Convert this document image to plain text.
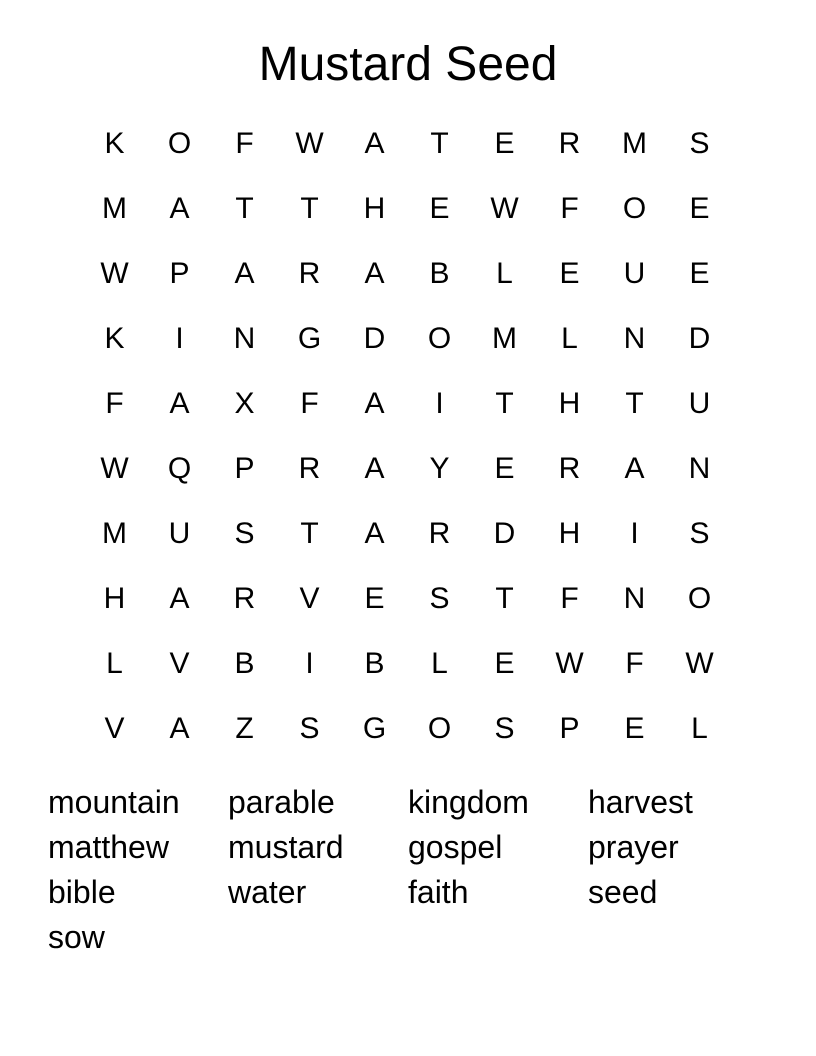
Mustard Seed
K	O	F	W	A	T	E	R	M	S
M	A	T	T	H	E	W	F	O	E
W	P	A	R	A	B	L	E	U	E
K	I	N	G	D	O	M	L	N	D
F	A	X	F	A	I	T	H	T	U
W	Q	P	R	A	Y	E	R	A	N
M	U	S	T	A	R	D	H	I	S
H	A	R	V	E	S	T	F	N	O
L	V	B	I	B	L	E	W	F	W
V	A	Z	S	G	O	S	P	E	L
mountain	parable	kingdom	harvest
matthew	mustard	gospel	prayer
bible	water	faith	seed
sow
